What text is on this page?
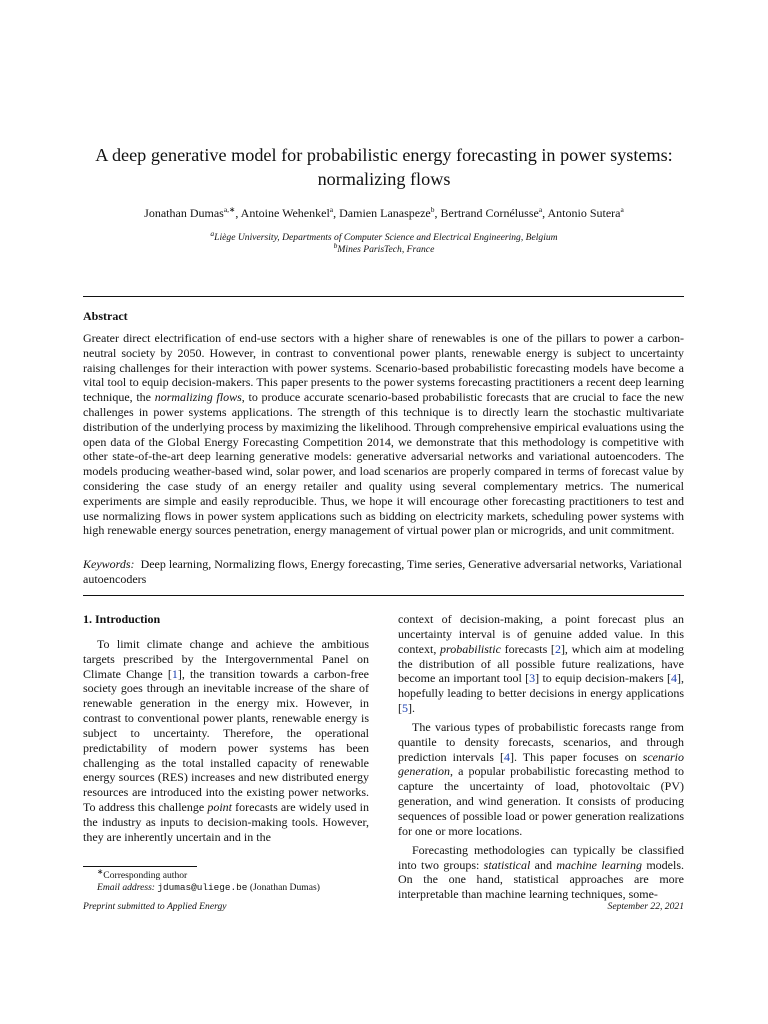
A deep generative model for probabilistic energy forecasting in power systems:
normalizing flows
Jonathan Dumas$^{a,∗}$, Antoine Wehenkel$^a$, Damien Lanaspeze$^b$, Bertrand Cornélusse$^a$, Antonio Sutera$^a$
$^a$Liège University, Departments of Computer Science and Electrical Engineering, Belgium
$^b$Mines ParisTech, France
Abstract
Greater direct electrification of end-use sectors with a higher share of renewables is one of the pillars to power a carbon-neutral society by 2050. However, in contrast to conventional power plants, renewable energy is subject to uncertainty raising challenges for their interaction with power systems. Scenario-based probabilistic forecasting models have become a vital tool to equip decision-makers. This paper presents to the power systems forecasting practitioners a recent deep learning technique, the normalizing flows, to produce accurate scenario-based probabilistic forecasts that are crucial to face the new challenges in power systems applications. The strength of this technique is to directly learn the stochastic multivariate distribution of the underlying process by maximizing the likelihood. Through comprehensive empirical evaluations using the open data of the Global Energy Forecasting Competition 2014, we demonstrate that this methodology is competitive with other state-of-the-art deep learning generative models: generative adversarial networks and variational autoencoders. The models producing weather-based wind, solar power, and load scenarios are properly compared in terms of forecast value by considering the case study of an energy retailer and quality using several complementary metrics. The numerical experiments are simple and easily reproducible. Thus, we hope it will encourage other forecasting practitioners to test and use normalizing flows in power system applications such as bidding on electricity markets, scheduling power systems with high renewable energy sources penetration, energy management of virtual power plan or microgrids, and unit commitment.
Keywords: Deep learning, Normalizing flows, Energy forecasting, Time series, Generative adversarial networks, Variational autoencoders
1. Introduction

To limit climate change and achieve the ambitious targets prescribed by the Intergovernmental Panel on Climate Change [1], the transition towards a carbon-free society goes through an inevitable increase of the share of renewable generation in the energy mix. However, in contrast to conventional power plants, renewable energy is subject to uncertainty. Therefore, the operational predictability of modern power systems has been challenging as the total installed capacity of renewable energy sources (RES) increases and new distributed energy resources are introduced into the existing power networks. To address this challenge point forecasts are widely used in the industry as inputs to decision-making tools. However, they are inherently uncertain and in the

context of decision-making, a point forecast plus an uncertainty interval is of genuine added value. In this context, probabilistic forecasts [2], which aim at modeling the distribution of all possible future realizations, have become an important tool [3] to equip decision-makers [4], hopefully leading to better decisions in energy applications [5].

The various types of probabilistic forecasts range from quantile to density forecasts, scenarios, and through prediction intervals [4]. This paper focuses on scenario generation, a popular probabilistic forecasting method to capture the uncertainty of load, photovoltaic (PV) generation, and wind generation. It consists of producing sequences of possible load or power generation realizations for one or more locations.

Forecasting methodologies can typically be classified into two groups: statistical and machine learning models. On the one hand, statistical approaches are more interpretable than machine learning techniques, some-

∗Corresponding author
Email address: jdumas@uliege.be (Jonathan Dumas)
Preprint submitted to Applied Energy	September 22, 2021
